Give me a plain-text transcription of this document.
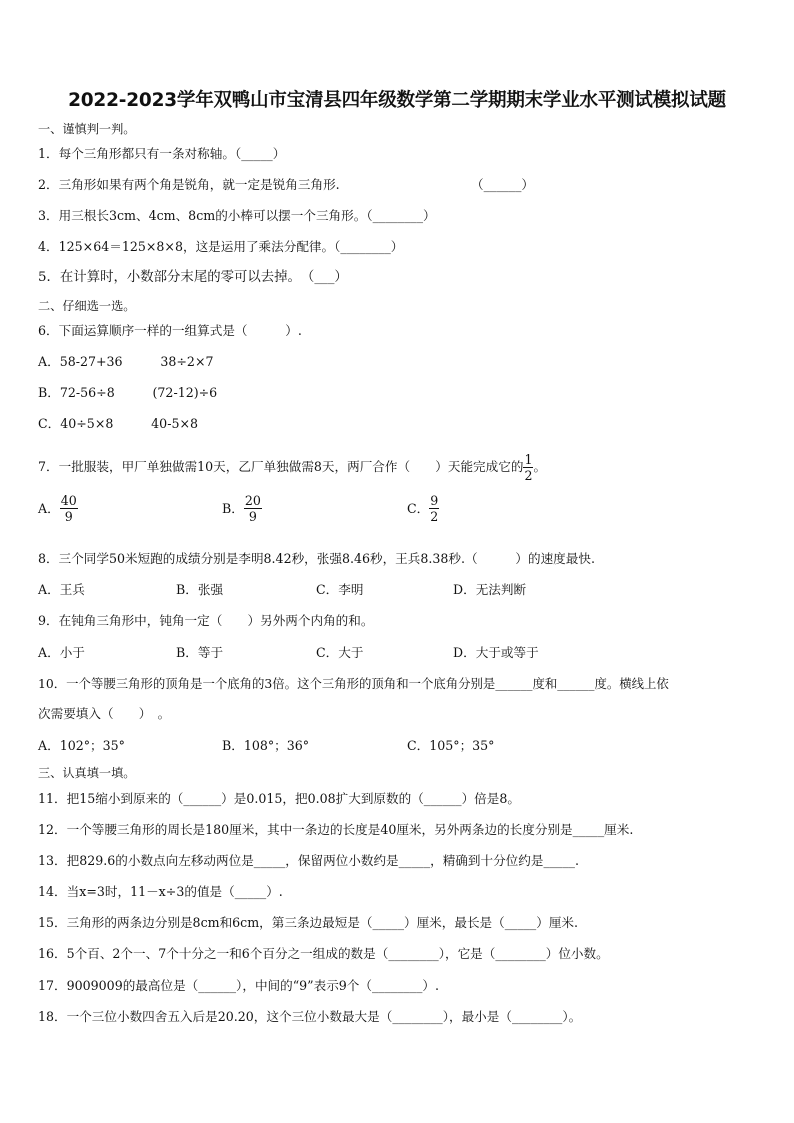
2022-2023学年双鸭山市宝清县四年级数学第二学期期末学业水平测试模拟试题
一、谨慎判一判。
1．每个三角形都只有一条对称轴。（_____）
2．三角形如果有两个角是锐角，就一定是锐角三角形.	（______）
3．用三根长3cm、4cm、8cm的小棒可以摆一个三角形。（________）
4．125×64＝125×8×8，这是运用了乘法分配律。（________）
5．在计算时，小数部分末尾的零可以去掉。　（___）
二、仔细选一选。
6．下面运算顺序一样的一组算式是（　　　）.
A．58-27+36　　　38÷2×7
B．72-56÷8　　　(72-12)÷6
C．40÷5×8　　　40-5×8
7．一批服装，甲厂单独做需10天，乙厂单独做需8天，两厂合作（　　）天能完成它的 $\frac{1}{2}$ 。
A． $\frac{40}{9}$	B． $\frac{20}{9}$	C． $\frac{9}{2}$
8．三个同学50米短跑的成绩分别是李明8.42秒，张强8.46秒，王兵8.38秒.（　　　）的速度最快.
A．王兵	B．张强	C．李明	D．无法判断
9．在钝角三角形中，钝角一定（　　）另外两个内角的和。
A．小于	B．等于	C．大于	D．大于或等于
10．一个等腰三角形的顶角是一个底角的3倍。这个三角形的顶角和一个底角分别是______度和______度。横线上依
次需要填入（　　）　。
A．102°；35°	B．108°；36°	C．105°；35°
三、认真填一填。
11．把15缩小到原来的（______）是0.015，把0.08扩大到原数的（______）倍是8。
12．一个等腰三角形的周长是180厘米，其中一条边的长度是40厘米，另外两条边的长度分别是_____厘米.
13．把829.6的小数点向左移动两位是_____，保留两位小数约是_____，精确到十分位约是_____.
14．当x=3时，11－x÷3的值是（_____）.
15．三角形的两条边分别是8cm和6cm，第三条边最短是（_____）厘米，最长是（_____）厘米.
16．5个百、2个一、7个十分之一和6个百分之一组成的数是（________），它是（________）位小数。
17．9009009的最高位是（______），中间的“9”表示9个（________）.
18．一个三位小数四舍五入后是20.20，这个三位小数最大是（________），最小是（________）。
